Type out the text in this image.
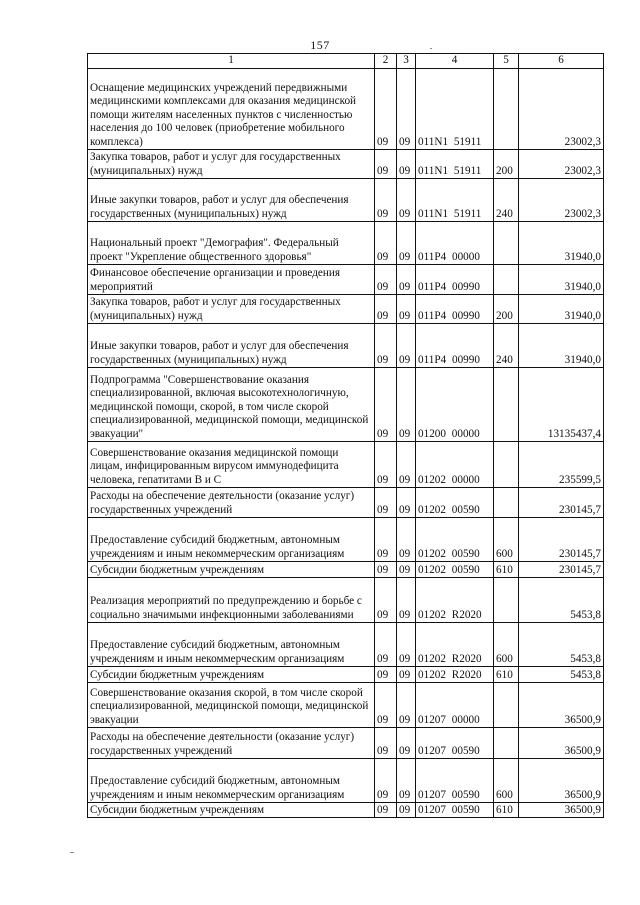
157
1	2	3	4	5	6
Оснащение медицинских учреждений передвижными медицинскими комплексами для оказания медицинской помощи жителям населенных пунктов с численностью населения до 100 человек (приобретение мобильного комплекса)	09	09	011N1 51911		23002,3
Закупка товаров, работ и услуг для государственных (муниципальных) нужд	09	09	011N1 51911	200	23002,3
Иные закупки товаров, работ и услуг для обеспечения государственных (муниципальных) нужд	09	09	011N1 51911	240	23002,3
Национальный проект "Демография". Федеральный проект "Укрепление общественного здоровья"	09	09	011P4 00000		31940,0
Финансовое обеспечение организации и проведения мероприятий	09	09	011P4 00990		31940,0
Закупка товаров, работ и услуг для государственных (муниципальных) нужд	09	09	011P4 00990	200	31940,0
Иные закупки товаров, работ и услуг для обеспечения государственных (муниципальных) нужд	09	09	011P4 00990	240	31940,0
Подпрограмма "Совершенствование оказания специализированной, включая высокотехнологичную, медицинской помощи, скорой, в том числе скорой специализированной, медицинской помощи, медицинской эвакуации"	09	09	01200 00000		13135437,4
Совершенствование оказания медицинской помощи лицам, инфицированным вирусом иммунодефицита человека, гепатитами В и С	09	09	01202 00000		235599,5
Расходы на обеспечение деятельности (оказание услуг) государственных учреждений	09	09	01202 00590		230145,7
Предоставление субсидий бюджетным, автономным учреждениям и иным некоммерческим организациям	09	09	01202 00590	600	230145,7
Субсидии бюджетным учреждениям	09	09	01202 00590	610	230145,7
Реализация мероприятий по предупреждению и борьбе с социально значимыми инфекционными заболеваниями	09	09	01202 R2020		5453,8
Предоставление субсидий бюджетным, автономным учреждениям и иным некоммерческим организациям	09	09	01202 R2020	600	5453,8
Субсидии бюджетным учреждениям	09	09	01202 R2020	610	5453,8
Совершенствование оказания скорой, в том числе скорой специализированной, медицинской помощи, медицинской эвакуации	09	09	01207 00000		36500,9
Расходы на обеспечение деятельности (оказание услуг) государственных учреждений	09	09	01207 00590		36500,9
Предоставление субсидий бюджетным, автономным учреждениям и иным некоммерческим организациям	09	09	01207 00590	600	36500,9
Субсидии бюджетным учреждениям	09	09	01207 00590	610	36500,9
